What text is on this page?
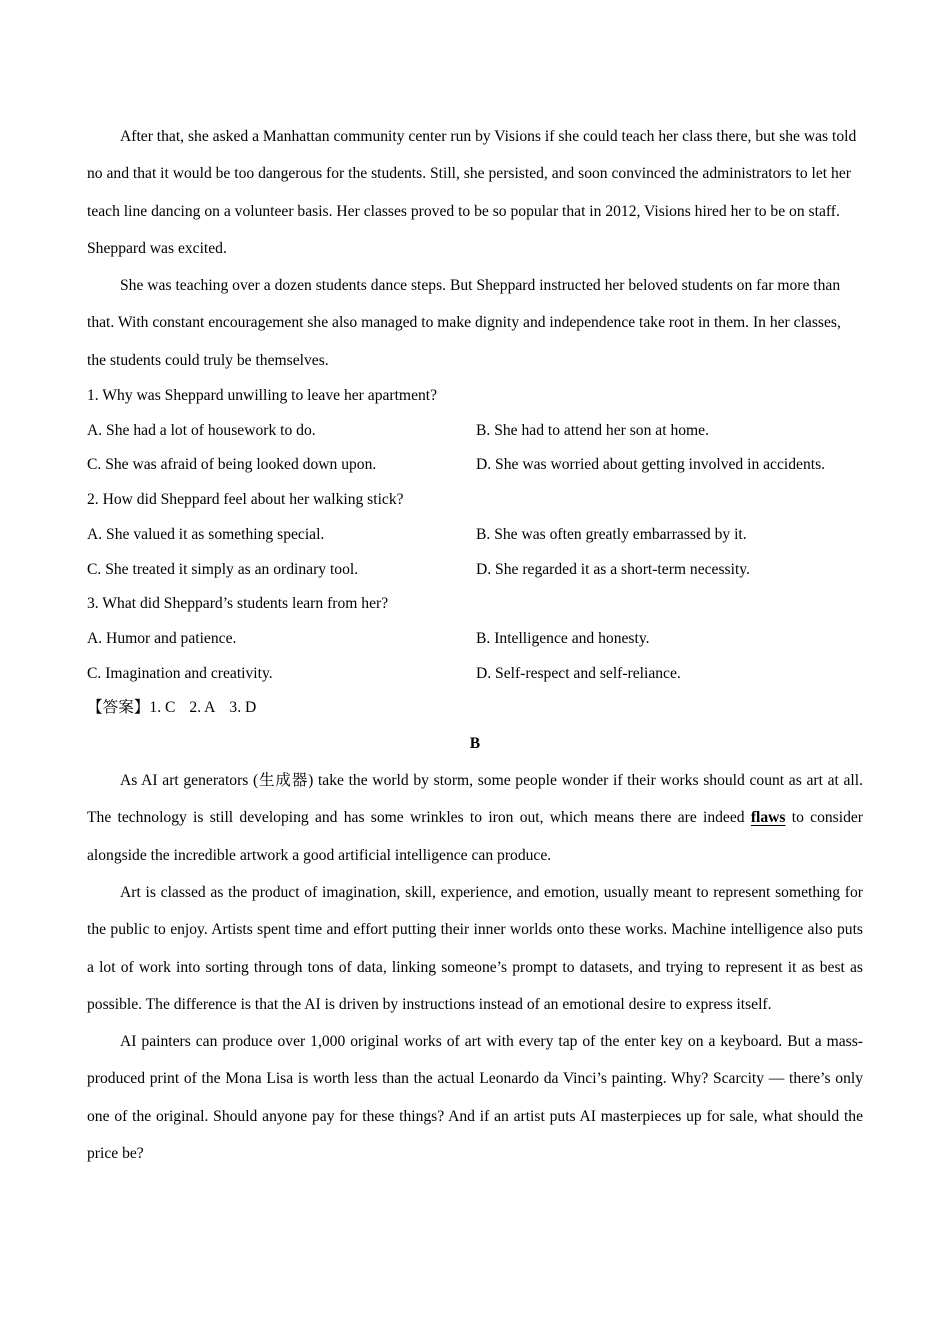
After that, she asked a Manhattan community center run by Visions if she could teach her class there, but she was told no and that it would be too dangerous for the students. Still, she persisted, and soon convinced the administrators to let her teach line dancing on a volunteer basis. Her classes proved to be so popular that in 2012, Visions hired her to be on staff. Sheppard was excited.

She was teaching over a dozen students dance steps. But Sheppard instructed her beloved students on far more than that. With constant encouragement she also managed to make dignity and independence take root in them. In her classes, the students could truly be themselves.

1. Why was Sheppard unwilling to leave her apartment?

A. She had a lot of housework to do.	B. She had to attend her son at home.
C. She was afraid of being looked down upon.	D. She was worried about getting involved in accidents.

2. How did Sheppard feel about her walking stick?

A. She valued it as something special.	B. She was often greatly embarrassed by it.
C. She treated it simply as an ordinary tool.	D. She regarded it as a short-term necessity.

3. What did Sheppard’s students learn from her?

A. Humor and patience.	B. Intelligence and honesty.
C. Imagination and creativity.	D. Self-respect and self-reliance.

【答案】1. C 2. A 3. D

B

As AI art generators (生成器) take the world by storm, some people wonder if their works should count as art at all. The technology is still developing and has some wrinkles to iron out, which means there are indeed flaws to consider alongside the incredible artwork a good artificial intelligence can produce.

Art is classed as the product of imagination, skill, experience, and emotion, usually meant to represent something for the public to enjoy. Artists spent time and effort putting their inner worlds onto these works. Machine intelligence also puts a lot of work into sorting through tons of data, linking someone’s prompt to datasets, and trying to represent it as best as possible. The difference is that the AI is driven by instructions instead of an emotional desire to express itself.

AI painters can produce over 1,000 original works of art with every tap of the enter key on a keyboard. But a mass-produced print of the Mona Lisa is worth less than the actual Leonardo da Vinci’s painting. Why? Scarcity — there’s only one of the original. Should anyone pay for these things? And if an artist puts AI masterpieces up for sale, what should the price be?
